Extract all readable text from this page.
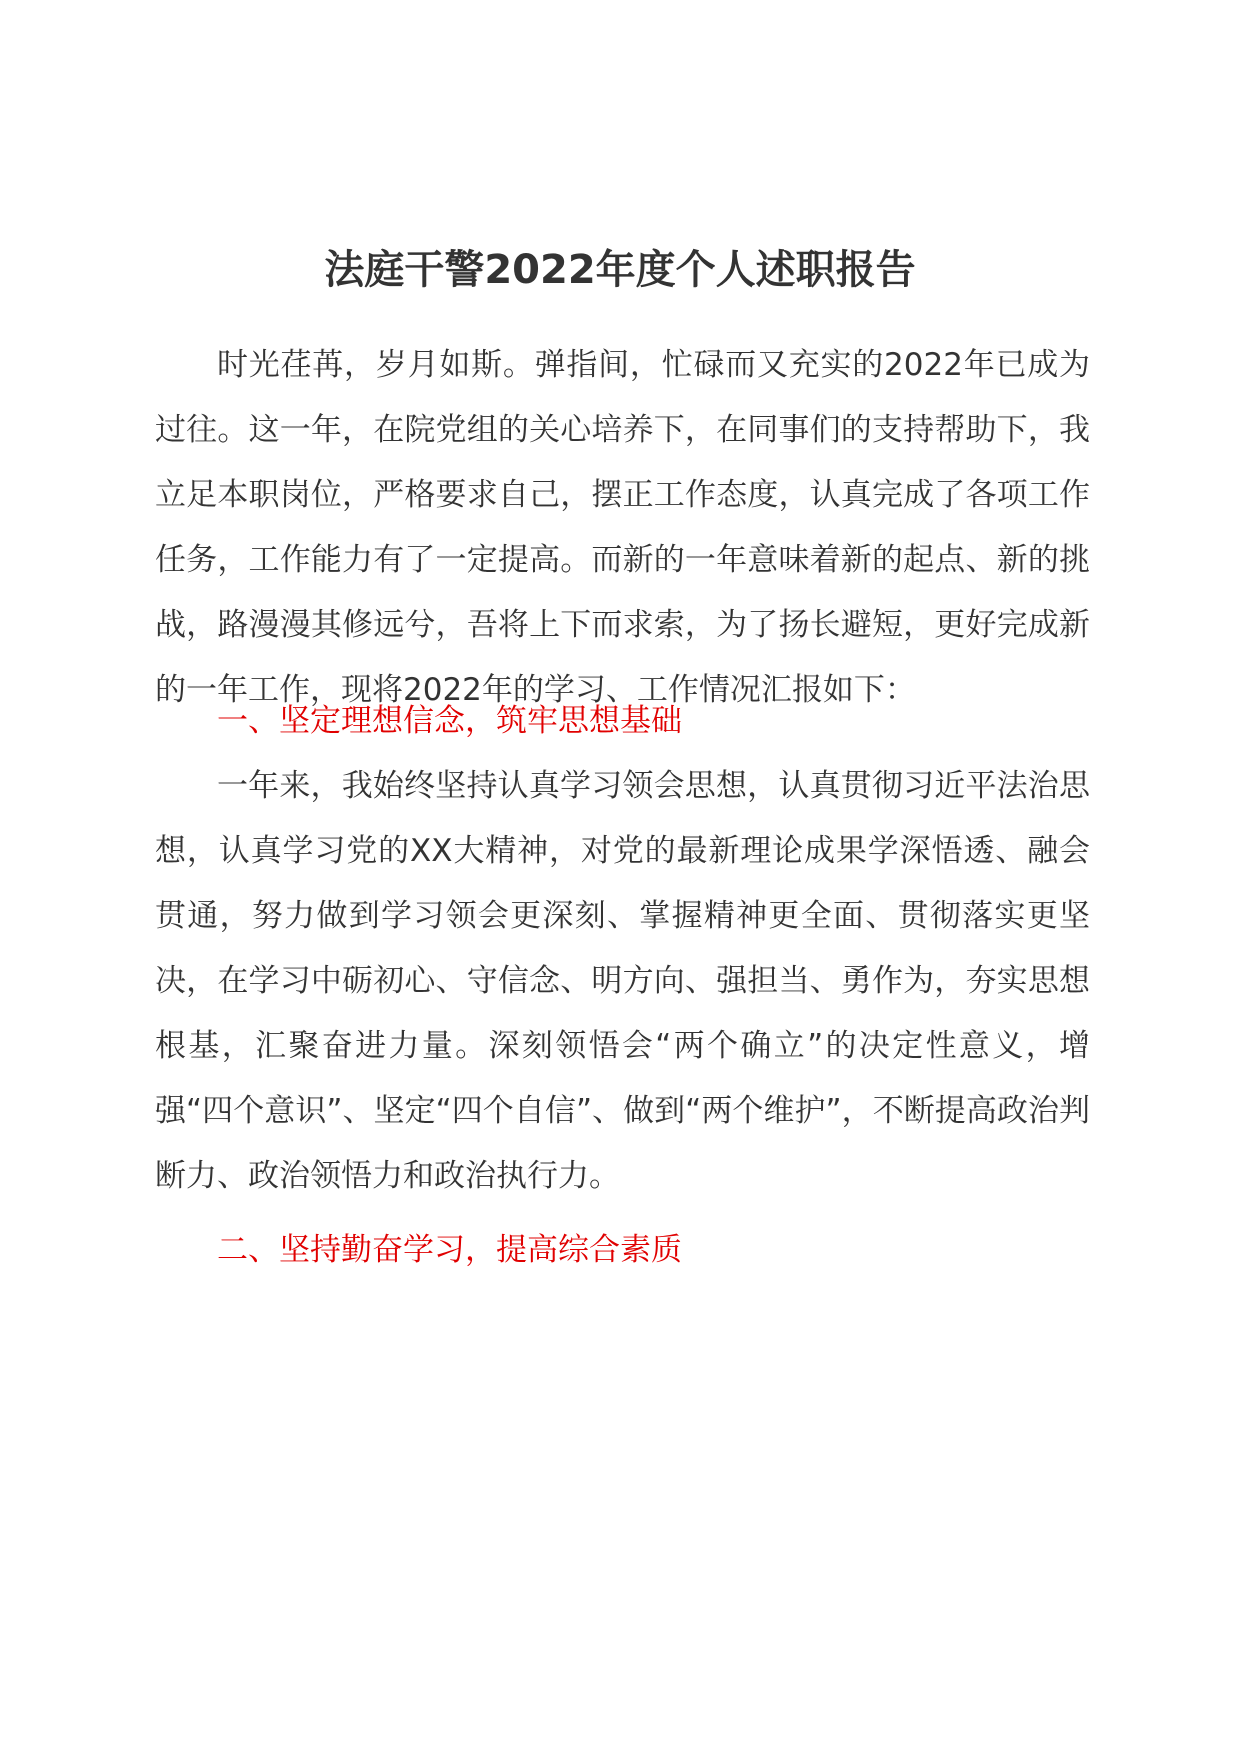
法庭干警2022年度个人述职报告

时光荏苒，岁月如斯。弹指间，忙碌而又充实的2022年已成为过往。这一年，在院党组的关心培养下，在同事们的支持帮助下，我立足本职岗位，严格要求自己，摆正工作态度，认真完成了各项工作任务，工作能力有了一定提高。而新的一年意味着新的起点、新的挑战，路漫漫其修远兮，吾将上下而求索，为了扬长避短，更好完成新的一年工作，现将2022年的学习、工作情况汇报如下：

一、坚定理想信念，筑牢思想基础

一年来，我始终坚持认真学习领会思想，认真贯彻习近平法治思想，认真学习党的XX大精神，对党的最新理论成果学深悟透、融会贯通，努力做到学习领会更深刻、掌握精神更全面、贯彻落实更坚决，在学习中砺初心、守信念、明方向、强担当、勇作为，夯实思想根基，汇聚奋进力量。深刻领悟会“两个确立”的决定性意义，增强“四个意识”、坚定“四个自信”、做到“两个维护”，不断提高政治判断力、政治领悟力和政治执行力。

二、坚持勤奋学习，提高综合素质
